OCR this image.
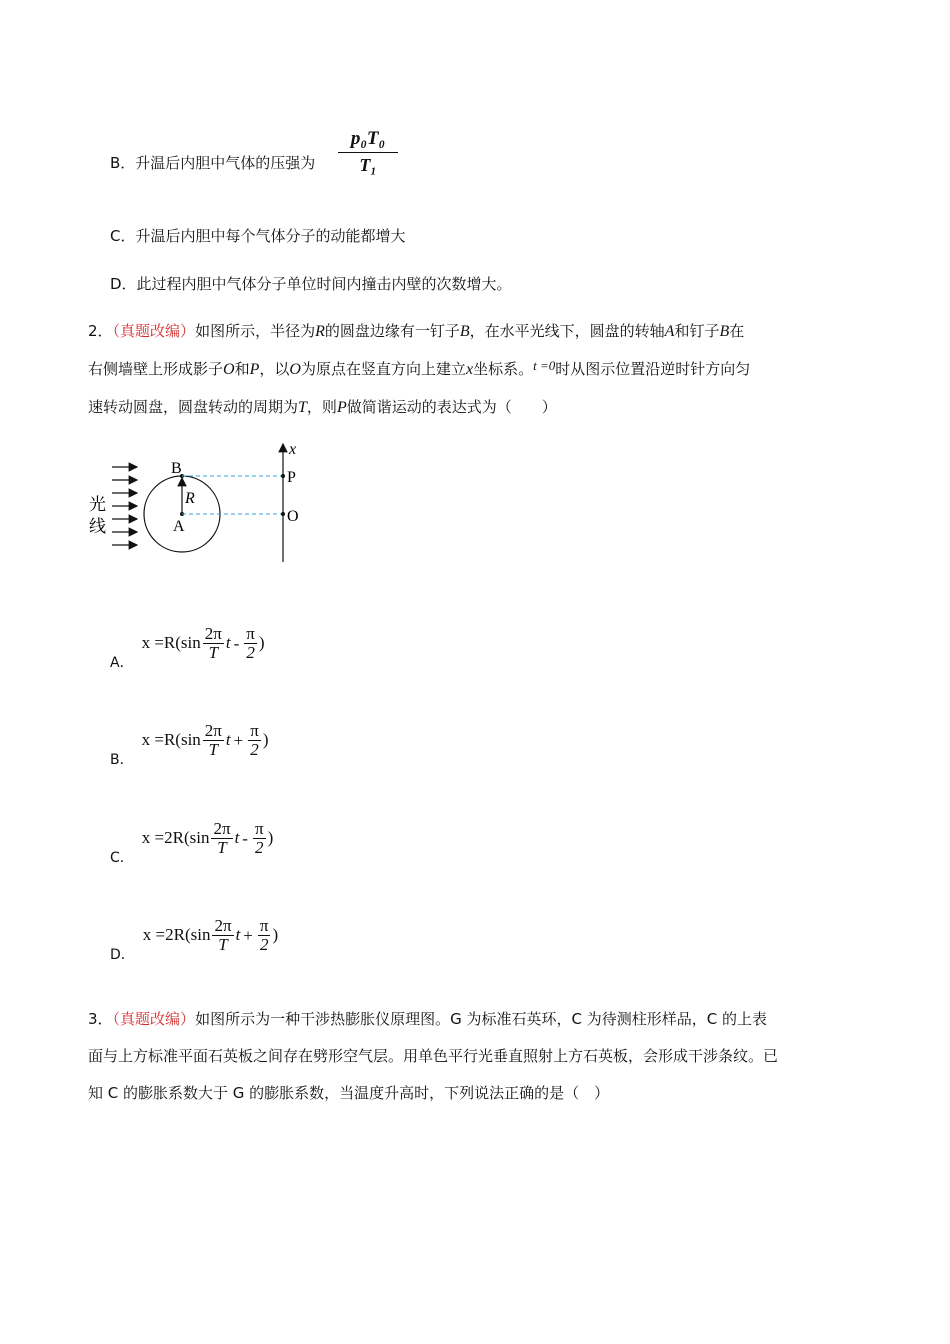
B．升温后内胆中气体的压强为 $\frac{\text{p₀T₀}}{\text{T₁}}$
C．升温后内胆中每个气体分子的动能都增大
D．此过程内胆中气体分子单位时间内撞击内壁的次数增大。
2．（真题改编）如图所示，半径为R的圆盘边缘有一钉子B，在水平光线下，圆盘的转轴A和钉子B在
右侧墙壁上形成影子O和P，以O为原点在竖直方向上建立x坐标系。t =0时从图示位置沿逆时针方向匀
速转动圆盘，圆盘转动的周期为T，则P做简谐运动的表达式为（　　）
光
线
B
A
R
P
O
x
A．$x =R(\sin \frac{2\pi}{T}$ t - $\frac{\pi}{2}$ )
B．$x =R(\sin \frac{2\pi}{T}$ $t + \frac{\pi}{2}$ )
C．$x =2R(\sin \frac{2\pi}{T}$ t - $\frac{\pi}{2}$ )
D．$x =2R(\sin \frac{2\pi}{T}$ $t + \frac{\pi}{2}$ )
3．（真题改编）如图所示为一种干涉热膨胀仪原理图。G 为标准石英环，C 为待测柱形样品，C 的上表
面与上方标准平面石英板之间存在劈形空气层。用单色平行光垂直照射上方石英板，会形成干涉条纹。已
知 C 的膨胀系数大于 G 的膨胀系数，当温度升高时，下列说法正确的是（　）
